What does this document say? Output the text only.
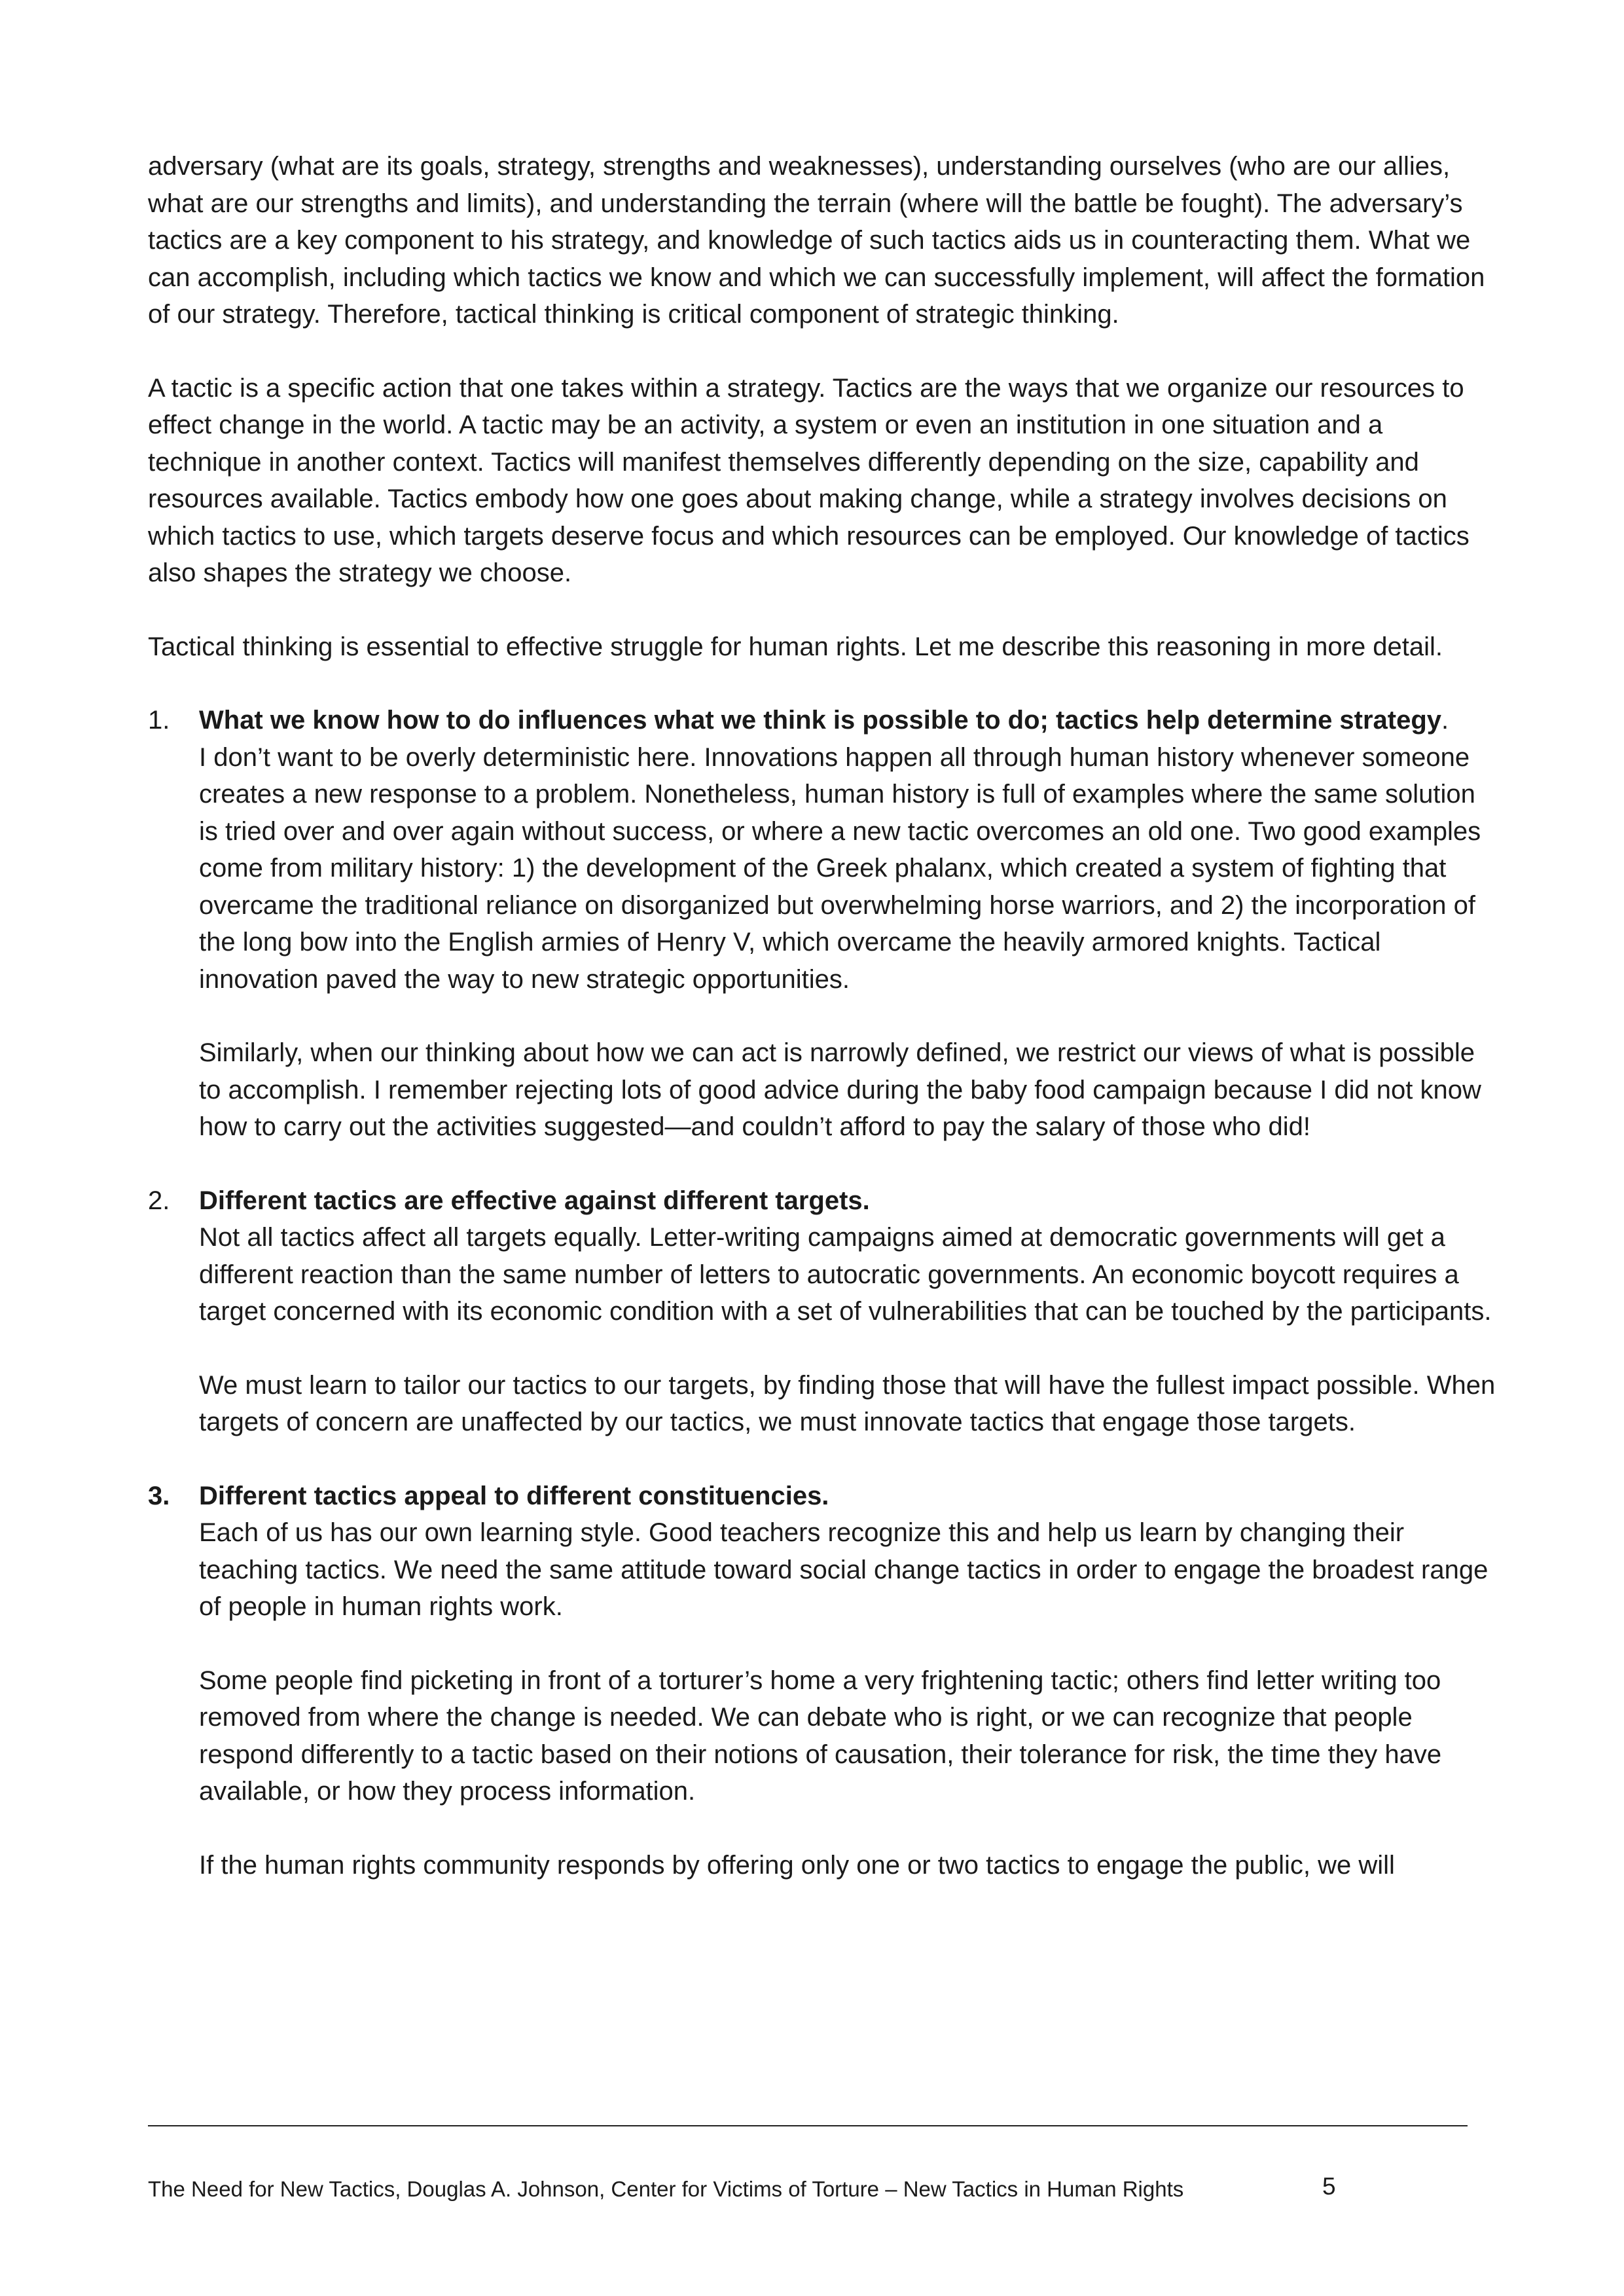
adversary (what are its goals, strategy, strengths and weaknesses), understanding ourselves (who are our allies, what are our strengths and limits), and understanding the terrain (where will the battle be fought). The adversary’s tactics are a key component to his strategy, and knowledge of such tactics aids us in counteracting them. What we can accomplish, including which tactics we know and which we can successfully implement, will affect the formation of our strategy. Therefore, tactical thinking is critical component of strategic thinking.

A tactic is a specific action that one takes within a strategy. Tactics are the ways that we organize our resources to effect change in the world. A tactic may be an activity, a system or even an institution in one situation and a technique in another context. Tactics will manifest themselves differently depending on the size, capability and resources available. Tactics embody how one goes about making change, while a strategy involves decisions on which tactics to use, which targets deserve focus and which resources can be employed. Our knowledge of tactics also shapes the strategy we choose.

Tactical thinking is essential to effective struggle for human rights. Let me describe this reasoning in more detail.

1. What we know how to do influences what we think is possible to do; tactics help determine strategy.
I don’t want to be overly deterministic here. Innovations happen all through human history whenever someone creates a new response to a problem. Nonetheless, human history is full of examples where the same solution is tried over and over again without success, or where a new tactic overcomes an old one. Two good examples come from military history: 1) the development of the Greek phalanx, which created a system of fighting that overcame the traditional reliance on disorganized but overwhelming horse warriors, and 2) the incorporation of the long bow into the English armies of Henry V, which overcame the heavily armored knights. Tactical innovation paved the way to new strategic opportunities.
Similarly, when our thinking about how we can act is narrowly defined, we restrict our views of what is possible to accomplish. I remember rejecting lots of good advice during the baby food campaign because I did not know how to carry out the activities suggested—and couldn’t afford to pay the salary of those who did!
2. Different tactics are effective against different targets.
Not all tactics affect all targets equally. Letter-writing campaigns aimed at democratic governments will get a different reaction than the same number of letters to autocratic governments. An economic boycott requires a target concerned with its economic condition with a set of vulnerabilities that can be touched by the participants.
We must learn to tailor our tactics to our targets, by finding those that will have the fullest impact possible. When targets of concern are unaffected by our tactics, we must innovate tactics that engage those targets.
3. Different tactics appeal to different constituencies.
Each of us has our own learning style. Good teachers recognize this and help us learn by changing their teaching tactics. We need the same attitude toward social change tactics in order to engage the broadest range of people in human rights work.
Some people find picketing in front of a torturer’s home a very frightening tactic; others find letter writing too removed from where the change is needed. We can debate who is right, or we can recognize that people respond differently to a tactic based on their notions of causation, their tolerance for risk, the time they have available, or how they process information.
If the human rights community responds by offering only one or two tactics to engage the public, we will
The Need for New Tactics, Douglas A. Johnson, Center for Victims of Torture – New Tactics in Human Rights	5
